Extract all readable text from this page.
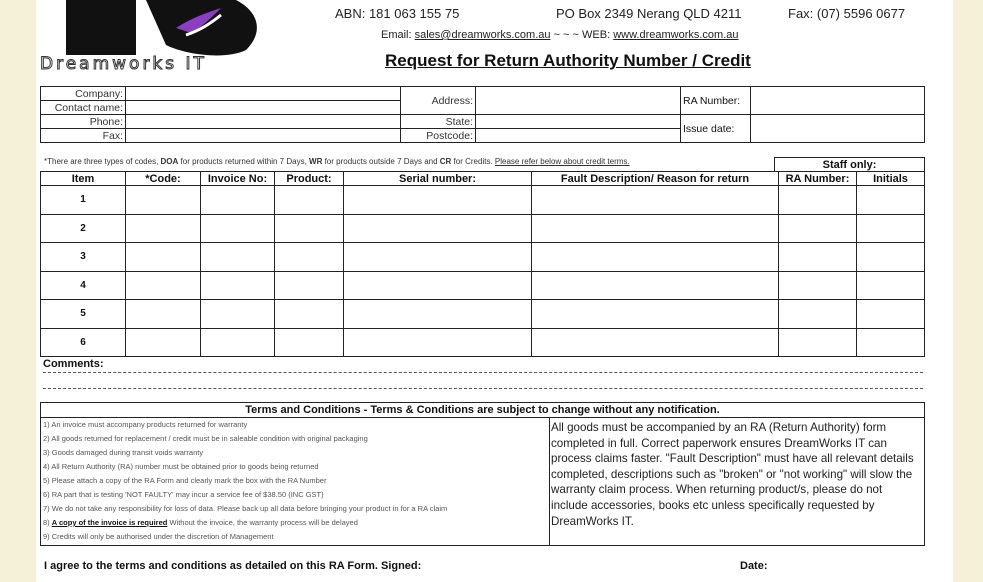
Dreamworks IT
ABN: 181 063 155 75	PO Box 2349 Nerang QLD 4211	Fax: (07) 5596 0677
Email: sales@dreamworks.com.au ~ ~ ~ WEB: www.dreamworks.com.au
Request for Return Authority Number / Credit
Company:		Address:		RA Number:	
Contact name:					
Phone:		State:		Issue date:	
Fax:		Postcode:			
*There are three types of codes, DOA for products returned within 7 Days, WR for products outside 7 Days and CR for Credits. Please refer below about credit terms.	Staff only:
Item	*Code:	Invoice No:	Product:	Serial number:	Fault Description/ Reason for return	RA Number:	Initials
1							
2							
3							
4							
5							
6							
Comments:
Terms and Conditions - Terms & Conditions are subject to change without any notification.
1) An invoice must accompany products returned for warranty
2) All goods returned for replacement / credit must be in saleable condition with original packaging
3) Goods damaged during transit voids warranty
4) All Return Authority (RA) number must be obtained prior to goods being returned
5) Please attach a copy of the RA Form and clearly mark the box with the RA Number
6) RA part that is testing 'NOT FAULTY' may incur a service fee of $38.50 (INC GST)
7) We do not take any responsibility for loss of data. Please back up all data before bringing your product in for a RA claim
8) A copy of the invoice is required Without the invoice, the warranty process will be delayed
9) Credits will only be authorised under the discretion of Management
All goods must be accompanied by an RA (Return Authority) form completed in full. Correct paperwork ensures DreamWorks IT can process claims faster. "Fault Description" must have all relevant details completed, descriptions such as "broken" or "not working" will slow the warranty claim process. When returning product/s, please do not include accessories, books etc unless specifically requested by DreamWorks IT.
I agree to the terms and conditions as detailed on this RA Form. Signed:	Date:
